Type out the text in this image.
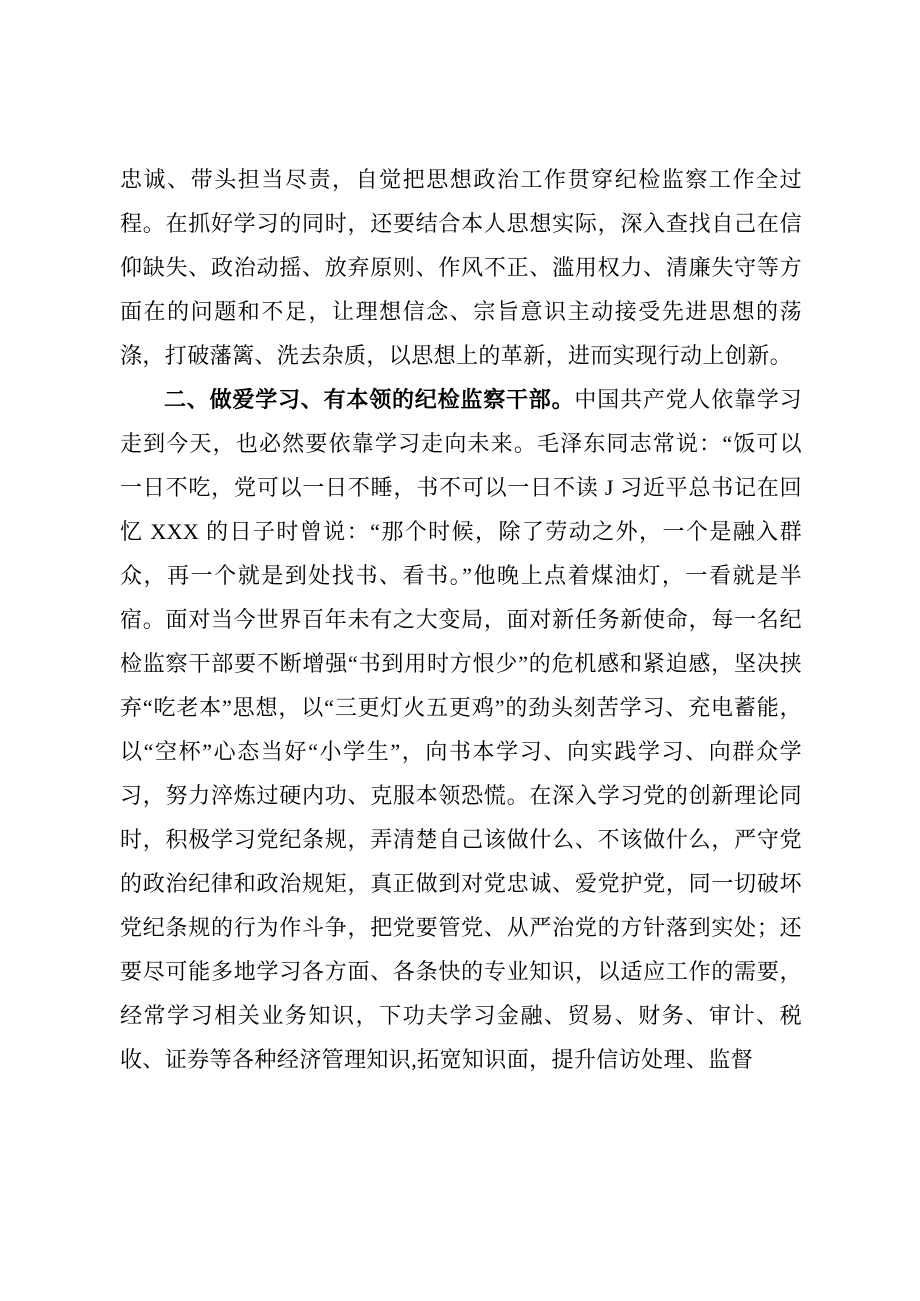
忠诚、带头担当尽责，自觉把思想政治工作贯穿纪检监察工作全过程。在抓好学习的同时，还要结合本人思想实际，深入查找自己在信仰缺失、政治动摇、放弃原则、作风不正、滥用权力、清廉失守等方面在的问题和不足，让理想信念、宗旨意识主动接受先进思想的荡涤，打破藩篱、洗去杂质，以思想上的革新，进而实现行动上创新。

二、做爱学习、有本领的纪检监察干部。中国共产党人依靠学习走到今天，也必然要依靠学习走向未来。毛泽东同志常说：“饭可以一日不吃，党可以一日不睡，书不可以一日不读 J 习近平总书记在回忆 XXX 的日子时曾说：“那个时候，除了劳动之外，一个是融入群众，再一个就是到处找书、看书。”他晚上点着煤油灯，一看就是半宿。面对当今世界百年未有之大变局，面对新任务新使命，每一名纪检监察干部要不断增强“书到用时方恨少”的危机感和紧迫感，坚决挟弃“吃老本”思想，以“三更灯火五更鸡”的劲头刻苦学习、充电蓄能，以“空杯”心态当好“小学生”，向书本学习、向实践学习、向群众学习，努力淬炼过硬内功、克服本领恐慌。在深入学习党的创新理论同时，积极学习党纪条规，弄清楚自己该做什么、不该做什么，严守党的政治纪律和政治规矩，真正做到对党忠诚、爱党护党，同一切破坏党纪条规的行为作斗争，把党要管党、从严治党的方针落到实处；还要尽可能多地学习各方面、各条快的专业知识，以适应工作的需要，经常学习相关业务知识，下功夫学习金融、贸易、财务、审计、税收、证券等各种经济管理知识,拓宽知识面，提升信访处理、监督
